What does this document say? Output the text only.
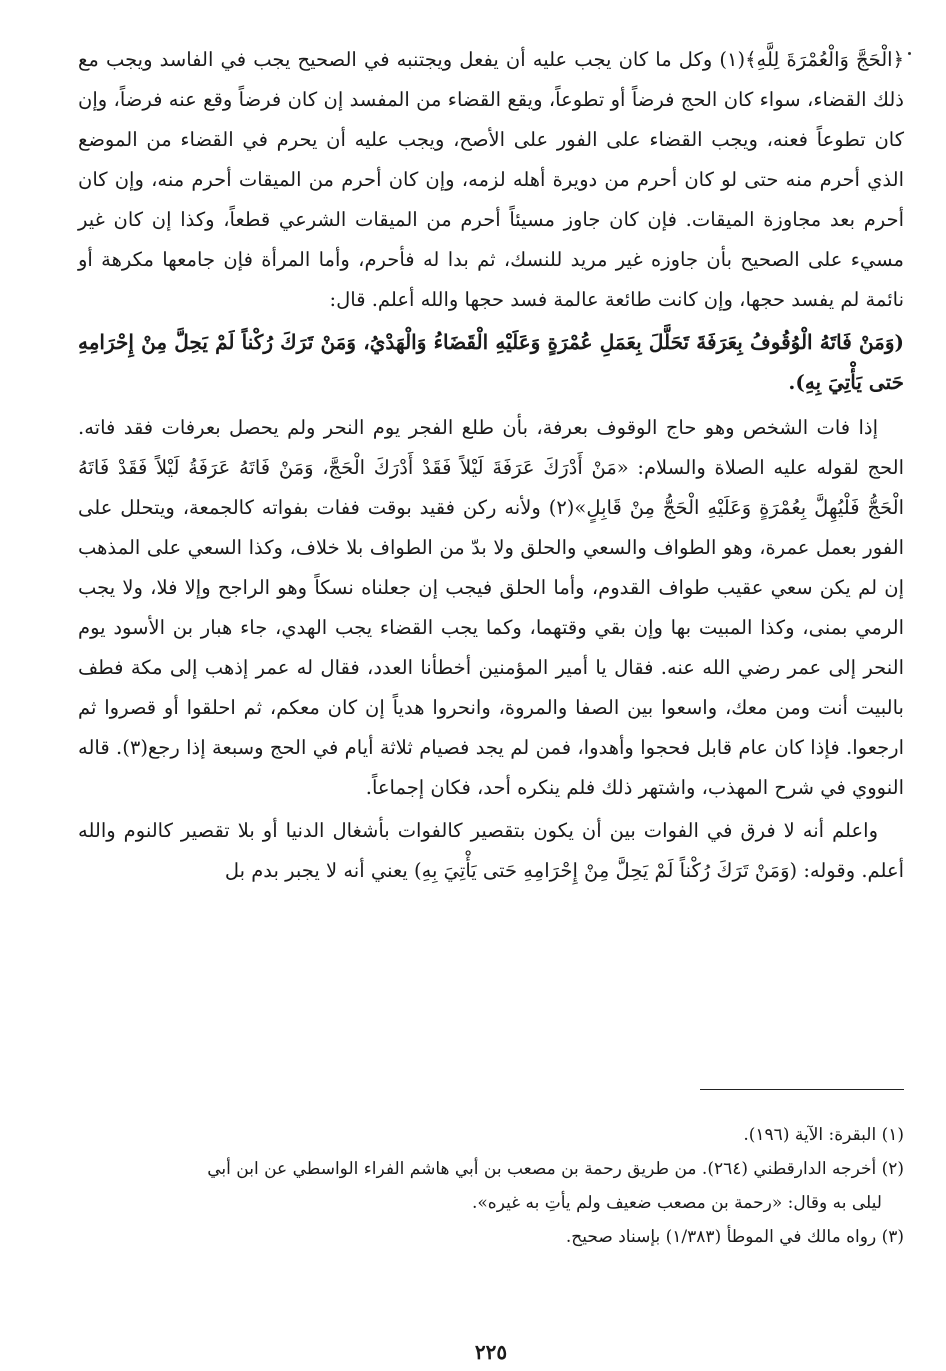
﴿الْحَجَّ وَالْعُمْرَةَ لِلَّهِ﴾(١) وكل ما كان يجب عليه أن يفعل ويجتنبه في الصحيح يجب في الفاسد ويجب مع ذلك القضاء، سواء كان الحج فرضاً أو تطوعاً، ويقع القضاء من المفسد إن كان فرضاً وقع عنه فرضاً، وإن كان تطوعاً فعنه، ويجب القضاء على الفور على الأصح، ويجب عليه أن يحرم في القضاء من الموضع الذي أحرم منه حتى لو كان أحرم من دويرة أهله لزمه، وإن كان أحرم من الميقات أحرم منه، وإن كان أحرم بعد مجاوزة الميقات. فإن كان جاوز مسيئاً أحرم من الميقات الشرعي قطعاً، وكذا إن كان غير مسيء على الصحيح بأن جاوزه غير مريد للنسك، ثم بدا له فأحرم، وأما المرأة فإن جامعها مكرهة أو نائمة لم يفسد حجها، وإن كانت طائعة عالمة فسد حجها والله أعلم. قال:

(وَمَنْ فَاتَهُ الْوُقُوفُ بِعَرَفَةَ تَحَلَّلَ بِعَمَلِ عُمْرَةٍ وَعَلَيْهِ الْقَضَاءُ وَالْهَدْيُ، وَمَنْ تَرَكَ رُكْناً لَمْ يَحِلَّ مِنْ إِحْرَامِهِ حَتى يَأْتِيَ بِهِ).

إذا فات الشخص وهو حاج الوقوف بعرفة، بأن طلع الفجر يوم النحر ولم يحصل بعرفات فقد فاته. الحج لقوله عليه الصلاة والسلام: «مَنْ أَدْرَكَ عَرَفَةَ لَيْلاً فَقَدْ أَدْرَكَ الْحَجَّ، وَمَنْ فَاتَهُ عَرَفَةُ لَيْلاً فَقَدْ فَاتَهُ الْحَجُّ فَلْيُهِلَّ بِعُمْرَةٍ وَعَلَيْهِ الْحَجُّ مِنْ قَابِلٍ»(٢) ولأنه ركن فقيد بوقت ففات بفواته كالجمعة، ويتحلل على الفور بعمل عمرة، وهو الطواف والسعي والحلق ولا بدّ من الطواف بلا خلاف، وكذا السعي على المذهب إن لم يكن سعي عقيب طواف القدوم، وأما الحلق فيجب إن جعلناه نسكاً وهو الراجح وإلا فلا، ولا يجب الرمي بمنى، وكذا المبيت بها وإن بقي وقتهما، وكما يجب القضاء يجب الهدي، جاء هبار بن الأسود يوم النحر إلى عمر رضي الله عنه. فقال يا أمير المؤمنين أخطأنا العدد، فقال له عمر إذهب إلى مكة فطف بالبيت أنت ومن معك، واسعوا بين الصفا والمروة، وانحروا هدياً إن كان معكم، ثم احلقوا أو قصروا ثم ارجعوا. فإذا كان عام قابل فحجوا وأهدوا، فمن لم يجد فصيام ثلاثة أيام في الحج وسبعة إذا رجع(٣). قاله النووي في شرح المهذب، واشتهر ذلك فلم ينكره أحد، فكان إجماعاً.

واعلم أنه لا فرق في الفوات بين أن يكون بتقصير كالفوات بأشغال الدنيا أو بلا تقصير كالنوم والله أعلم. وقوله: (وَمَنْ تَرَكَ رُكْناً لَمْ يَحِلَّ مِنْ إِحْرَامِهِ حَتى يَأْتِيَ بِهِ) يعني أنه لا يجبر بدم بل

(١) البقرة: الآية (١٩٦).

(٢) أخرجه الدارقطني (٢٦٤). من طريق رحمة بن مصعب بن أبي هاشم الفراء الواسطي عن ابن أبي
ليلى به وقال: «رحمة بن مصعب ضعيف ولم يأتِ به غيره».

(٣) رواه مالك في الموطأ (١/٣٨٣) بإسناد صحيح.

٢٢٥
